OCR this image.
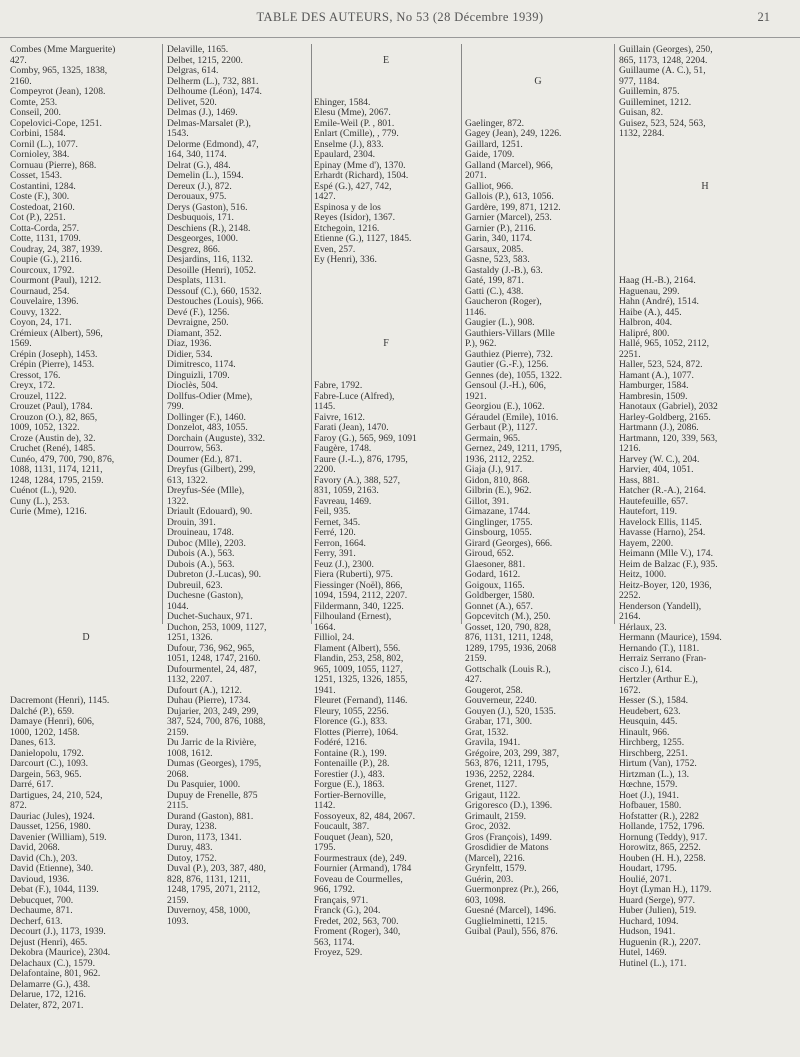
TABLE DES AUTEURS, No 53 (28 Décembre 1939)	21
Combes (Mme Marguerite)
427.
Comby, 965, 1325, 1838,
2160.
Compeyrot (Jean), 1208.
Comte, 253.
Conseil, 200.
Copelovici-Cope, 1251.
Corbini, 1584.
Cornil (L.), 1077.
Cornioley, 384.
Cornuau (Pierre), 868.
Cosset, 1543.
Costantini, 1284.
Coste (F.), 300.
Costedoat, 2160.
Cot (P.), 2251.
Cotta-Corda, 257.
Cotte, 1131, 1709.
Coudray, 24, 387, 1939.
Coupie (G.), 2116.
Courcoux, 1792.
Courmont (Paul), 1212.
Cournaud, 254.
Couvelaire, 1396.
Couvy, 1322.
Coyon, 24, 171.
Crémieux (Albert), 596,
1569.
Crépin (Joseph), 1453.
Crépin (Pierre), 1453.
Cressot, 176.
Creyx, 172.
Crouzel, 1122.
Crouzet (Paul), 1784.
Crouzon (O.), 82, 865,
1009, 1052, 1322.
Croze (Austin de), 32.
Cruchet (René), 1485.
Cunéo, 479, 700, 790, 876,
1088, 1131, 1174, 1211,
1248, 1284, 1795, 2159.
Cuénot (L.), 920.
Cuny (L.), 253.
Curie (Mme), 1216.
D
Dacremont (Henri), 1145.
Dalché (P.), 659.
Damaye (Henri), 606,
1000, 1202, 1458.
Danes, 613.
Danielopolu, 1792.
Darcourt (C.), 1093.
Dargein, 563, 965.
Darré, 617.
Dartigues, 24, 210, 524,
872.
Dauriac (Jules), 1924.
Dausset, 1256, 1980.
Davenier (William), 519.
David, 2068.
David (Ch.), 203.
David (Etienne), 340.
Davioud, 1936.
Debat (F.), 1044, 1139.
Debucquet, 700.
Dechaume, 871.
Decherf, 613.
Decourt (J.), 1173, 1939.
Dejust (Henri), 465.
Dekobra (Maurice), 2304.
Delachaux (C.), 1579.
Delafontaine, 801, 962.
Delamarre (G.), 438.
Delarue, 172, 1216.
Delater, 872, 2071.
Delaville, 1165.
Delbet, 1215, 2200.
Delgras, 614.
Delherm (L.), 732, 881.
Delhoume (Léon), 1474.
Delivet, 520.
Delmas (J.), 1469.
Delmas-Marsalet (P.),
1543.
Delorme (Edmond), 47,
164, 340, 1174.
Delrat (G.), 484.
Demelin (L.), 1594.
Dereux (J.), 872.
Derouaux, 975.
Derys (Gaston), 516.
Desbuquois, 171.
Deschiens (R.), 2148.
Desgeorges, 1000.
Desgrez, 866.
Desjardins, 116, 1132.
Desoille (Henri), 1052.
Desplats, 1131.
Dessouf (C.), 660, 1532.
Destouches (Louis), 966.
Devé (F.), 1256.
Devraigne, 250.
Diamant, 352.
Diaz, 1936.
Didier, 534.
Dimitresco, 1174.
Dinguizli, 1709.
Dioclès, 504.
Dollfus-Odier (Mme),
799.
Dollinger (F.), 1460.
Donzelot, 483, 1055.
Dorchain (Auguste), 332.
Dourrow, 563.
Doumer (Ed.), 871.
Dreyfus (Gilbert), 299,
613, 1322.
Dreyfus-Sée (Mlle),
1322.
Driault (Edouard), 90.
Drouin, 391.
Drouineau, 1748.
Duboc (Mlle), 2203.
Dubois (A.), 563.
Dubois (A.), 563.
Dubreton (J.-Lucas), 90.
Dubreuil, 623.
Duchesne (Gaston),
1044.
Duchet-Suchaux, 971.
Duchon, 253, 1009, 1127,
1251, 1326.
Dufour, 736, 962, 965,
1051, 1248, 1747, 2160.
Dufourmentel, 24, 487,
1132, 2207.
Dufourt (A.), 1212.
Duhau (Pierre), 1734.
Dujarier, 203, 249, 299,
387, 524, 700, 876, 1088,
2159.
Du Jarric de la Rivière,
1008, 1612.
Dumas (Georges), 1795,
2068.
Du Pasquier, 1000.
Dupuy de Frenelle, 875
2115.
Durand (Gaston), 881.
Duray, 1238.
Duron, 1173, 1341.
Duruy, 483.
Dutoy, 1752.
Duval (P.), 203, 387, 480,
828, 876, 1131, 1211,
1248, 1795, 2071, 2112,
2159.
Duvernoy, 458, 1000,
1093.
E
Ehinger, 1584.
Elesu (Mme), 2067.
Emile-Weil (P. , 801.
Enlart (Cmille), , 779.
Enselme (J.), 833.
Epaulard, 2304.
Epinay (Mme d'), 1370.
Erhardt (Richard), 1504.
Espé (G.), 427, 742,
1427.
Espinosa y de los
Reyes (Isidor), 1367.
Etchegoin, 1216.
Etienne (G.), 1127, 1845.
Even, 257.
Ey (Henri), 336.
F
Fabre, 1792.
Fabre-Luce (Alfred),
1145.
Faivre, 1612.
Farati (Jean), 1470.
Faroy (G.), 565, 969, 1091
Faugère, 1748.
Faure (J.-L.), 876, 1795,
2200.
Favory (A.), 388, 527,
831, 1059, 2163.
Favreau, 1469.
Feil, 935.
Fernet, 345.
Ferré, 120.
Ferron, 1664.
Ferry, 391.
Feuz (J.), 2300.
Fiera (Ruberti), 975.
Fiessinger (Noël), 866,
1094, 1594, 2112, 2207.
Fildermann, 340, 1225.
Filhouland (Ernest),
1664.
Filliol, 24.
Flament (Albert), 556.
Flandin, 253, 258, 802,
965, 1009, 1055, 1127,
1251, 1325, 1326, 1855,
1941.
Fleuret (Fernand), 1146.
Fleury, 1055, 2256.
Florence (G.), 833.
Flottes (Pierre), 1064.
Fodéré, 1216.
Fontaine (R.), 199.
Fontenaille (P.), 28.
Forestier (J.), 483.
Forgue (E.), 1863.
Fortier-Bernoville,
1142.
Fossoyeux, 82, 484, 2067.
Foucault, 387.
Fouquet (Jean), 520,
1795.
Fourmestraux (de), 249.
Fournier (Armand), 1784
Foveau de Courmelles,
966, 1792.
Français, 971.
Franck (G.), 204.
Fredet, 202, 563, 700.
Froment (Roger), 340,
563, 1174.
Froyez, 529.
G
Gaelinger, 872.
Gagey (Jean), 249, 1226.
Gaillard, 1251.
Gaide, 1709.
Galland (Marcel), 966,
2071.
Galliot, 966.
Gallois (P.), 613, 1056.
Gardère, 199, 871, 1212.
Garnier (Marcel), 253.
Garnier (P.), 2116.
Garin, 340, 1174.
Garsaux, 2085.
Gasne, 523, 583.
Gastaldy (J.-B.), 63.
Gaté, 199, 871.
Gatti (C.), 438.
Gaucheron (Roger),
1146.
Gaugier (L.), 908.
Gauthiers-Villars (Mlle
P.), 962.
Gauthiez (Pierre), 732.
Gautier (G.-F.), 1256.
Gennes (de), 1055, 1322.
Gensoul (J.-H.), 606,
1921.
Georgiou (E.), 1062.
Géraudel (Emile), 1016.
Gerbaut (P.), 1127.
Germain, 965.
Gernez, 249, 1211, 1795,
1936, 2112, 2252.
Giaja (J.), 917.
Gidon, 810, 868.
Gilbrin (E.), 962.
Gillot, 391.
Gimazane, 1744.
Ginglinger, 1755.
Ginsbourg, 1055.
Girard (Georges), 666.
Giroud, 652.
Glaesoner, 881.
Godard, 1612.
Goigoux, 1165.
Goldberger, 1580.
Gonnet (A.), 657.
Gopcevitch (M.), 250.
Gosset, 120, 790, 828,
876, 1131, 1211, 1248,
1289, 1795, 1936, 2068
2159.
Gottschalk (Louis R.),
427.
Gougerot, 258.
Gouverneur, 2240.
Gouyen (J.), 520, 1535.
Grabar, 171, 300.
Grat, 1532.
Gravila, 1941.
Grégoire, 203, 299, 387,
563, 876, 1211, 1795,
1936, 2252, 2284.
Grenet, 1127.
Grigaut, 1122.
Grigoresco (D.), 1396.
Grimault, 2159.
Groc, 2032.
Gros (François), 1499.
Grosdidier de Matons
(Marcel), 2216.
Grynfeltt, 1579.
Guérin, 203.
Guermonprez (Pr.), 266,
603, 1098.
Guesné (Marcel), 1496.
Guglielminetti, 1215.
Guibal (Paul), 556, 876.
Guillain (Georges), 250,
865, 1173, 1248, 2204.
Guillaume (A. C.), 51,
977, 1184.
Guillemin, 875.
Guilleminet, 1212.
Guisan, 82.
Guisez, 523, 524, 563,
1132, 2284.
H
Haag (H.-B.), 2164.
Haguenau, 299.
Hahn (André), 1514.
Haibe (A.), 445.
Halbron, 404.
Halipré, 800.
Hallé, 965, 1052, 2112,
2251.
Haller, 523, 524, 872.
Hamant (A.), 1077.
Hamburger, 1584.
Hambresin, 1509.
Hanotaux (Gabriel), 2032
Harley-Goldberg, 2165.
Hartmann (J.), 2086.
Hartmann, 120, 339, 563,
1216.
Harvey (W. C.), 204.
Harvier, 404, 1051.
Hass, 881.
Hatcher (R.-A.), 2164.
Hautefeuille, 657.
Hautefort, 119.
Havelock Ellis, 1145.
Havasse (Harno), 254.
Hayem, 2200.
Heimann (Mlle V.), 174.
Heim de Balzac (F.), 935.
Heitz, 1000.
Heitz-Boyer, 120, 1936,
2252.
Henderson (Yandell),
2164.
Hérlaux, 23.
Hermann (Maurice), 1594.
Hernando (T.), 1181.
Herraiz Serrano (Fran-
cisco J.), 614.
Hertzler (Arthur E.),
1672.
Hesser (S.), 1584.
Heudebert, 623.
Heusquin, 445.
Hinault, 966.
Hirchberg, 1255.
Hirschberg, 2251.
Hirtum (Van), 1752.
Hirtzman (L.), 13.
Hœchne, 1579.
Hoet (J.), 1941.
Hofbauer, 1580.
Hofstatter (R.), 2282
Hollande, 1752, 1796.
Hornung (Teddy), 917.
Horowitz, 865, 2252.
Houben (H. H.), 2258.
Houdart, 1795.
Houlié, 2071.
Hoyt (Lyman H.), 1179.
Huard (Serge), 977.
Huber (Julien), 519.
Huchard, 1094.
Hudson, 1941.
Huguenin (R.), 2207.
Hutel, 1469.
Hutinel (L.), 171.
